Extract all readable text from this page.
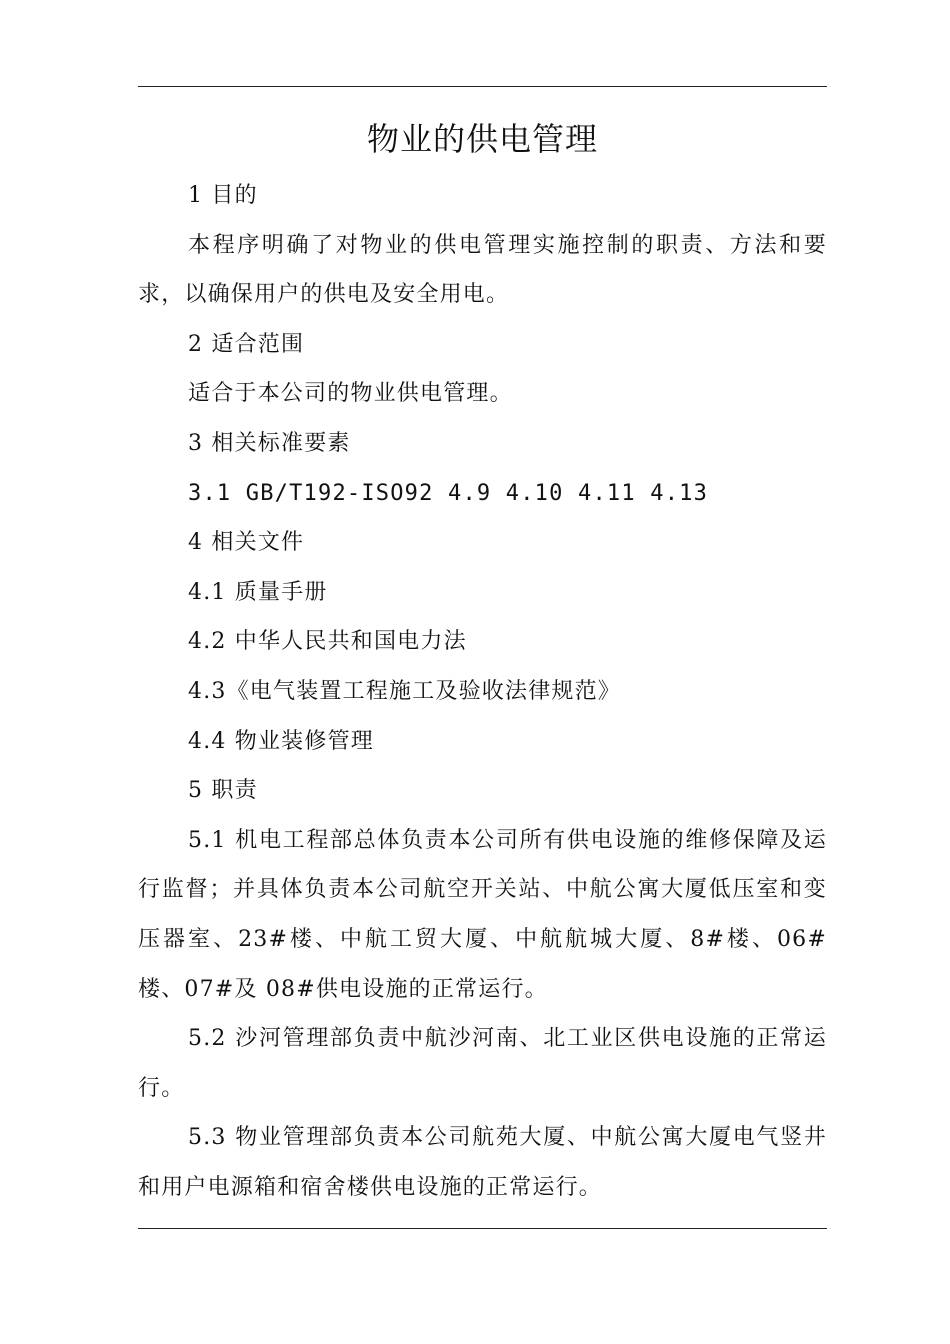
物业的供电管理

1 目的

本程序明确了对物业的供电管理实施控制的职责、方法和要求，以确保用户的供电及安全用电。

2 适合范围

适合于本公司的物业供电管理。

3 相关标准要素

3.1 GB/T192-ISO92 4.9 4.10 4.11 4.13

4 相关文件

4.1 质量手册

4.2 中华人民共和国电力法

4.3《电气装置工程施工及验收法律规范》

4.4 物业装修管理

5 职责

5.1 机电工程部总体负责本公司所有供电设施的维修保障及运行监督；并具体负责本公司航空开关站、中航公寓大厦低压室和变压器室、23#楼、中航工贸大厦、中航航城大厦、8#楼、06#楼、07#及 08#供电设施的正常运行。

5.2 沙河管理部负责中航沙河南、北工业区供电设施的正常运行。

5.3 物业管理部负责本公司航苑大厦、中航公寓大厦电气竖井和用户电源箱和宿舍楼供电设施的正常运行。
